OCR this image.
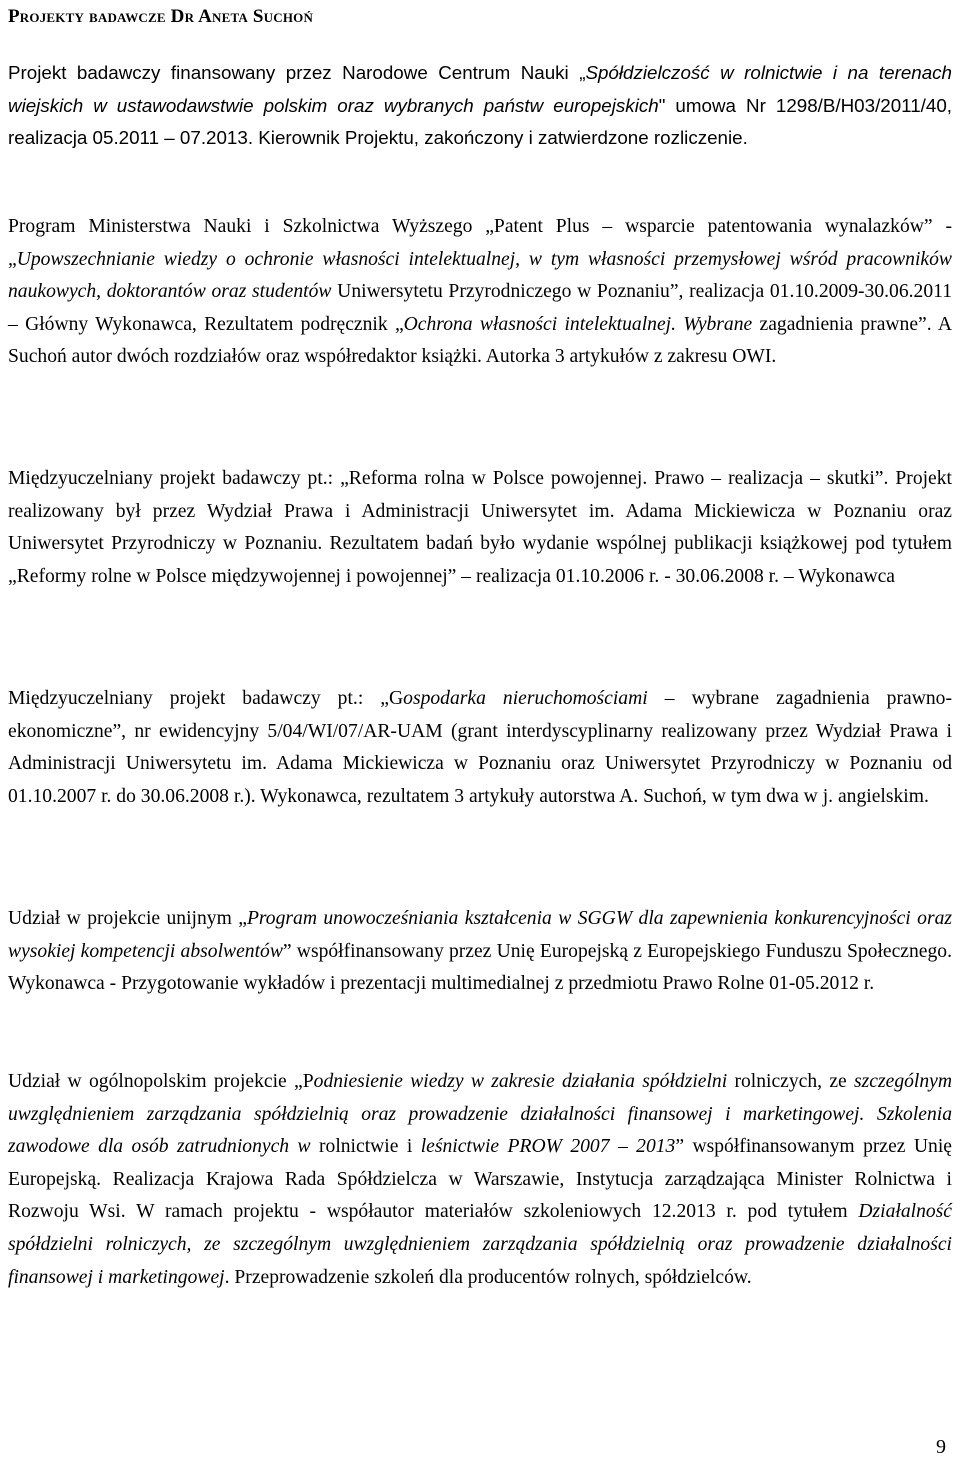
Projekty badawcze Dr Aneta Suchoń

Projekt badawczy finansowany przez Narodowe Centrum Nauki „Spółdzielczość w rolnictwie i na terenach wiejskich w ustawodawstwie polskim oraz wybranych państw europejskich" umowa Nr 1298/B/H03/2011/40, realizacja 05.2011 – 07.2013. Kierownik Projektu, zakończony i zatwierdzone rozliczenie.

Program Ministerstwa Nauki i Szkolnictwa Wyższego „Patent Plus – wsparcie patentowania wynalazków” - „Upowszechnianie wiedzy o ochronie własności intelektualnej, w tym własności przemysłowej wśród pracowników naukowych, doktorantów oraz studentów Uniwersytetu Przyrodniczego w Poznaniu”, realizacja 01.10.2009-30.06.2011 – Główny Wykonawca, Rezultatem podręcznik „Ochrona własności intelektualnej. Wybrane zagadnienia prawne”. A Suchoń autor dwóch rozdziałów oraz współredaktor książki. Autorka 3 artykułów z zakresu OWI.

Międzyuczelniany projekt badawczy pt.: „Reforma rolna w Polsce powojennej. Prawo – realizacja – skutki”. Projekt realizowany był przez Wydział Prawa i Administracji Uniwersytet im. Adama Mickiewicza w Poznaniu oraz Uniwersytet Przyrodniczy w Poznaniu. Rezultatem badań było wydanie wspólnej publikacji książkowej pod tytułem „Reformy rolne w Polsce międzywojennej i powojennej” – realizacja 01.10.2006 r. - 30.06.2008 r. – Wykonawca

Międzyuczelniany projekt badawczy pt.: „Gospodarka nieruchomościami – wybrane zagadnienia prawno-ekonomiczne”, nr ewidencyjny 5/04/WI/07/AR-UAM (grant interdyscyplinarny realizowany przez Wydział Prawa i Administracji Uniwersytetu im. Adama Mickiewicza w Poznaniu oraz Uniwersytet Przyrodniczy w Poznaniu od 01.10.2007 r. do 30.06.2008 r.). Wykonawca, rezultatem 3 artykuły autorstwa A. Suchoń, w tym dwa w j. angielskim.

Udział w projekcie unijnym „Program unowocześniania kształcenia w SGGW dla zapewnienia konkurencyjności oraz wysokiej kompetencji absolwentów” współfinansowany przez Unię Europejską z Europejskiego Funduszu Społecznego. Wykonawca - Przygotowanie wykładów i prezentacji multimedialnej z przedmiotu Prawo Rolne 01-05.2012 r.

Udział w ogólnopolskim projekcie „Podniesienie wiedzy w zakresie działania spółdzielni rolniczych, ze szczególnym uwzględnieniem zarządzania spółdzielnią oraz prowadzenie działalności finansowej i marketingowej. Szkolenia zawodowe dla osób zatrudnionych w rolnictwie i leśnictwie PROW 2007 – 2013” współfinansowanym przez Unię Europejską. Realizacja Krajowa Rada Spółdzielcza w Warszawie, Instytucja zarządzająca Minister Rolnictwa i Rozwoju Wsi. W ramach projektu - współautor materiałów szkoleniowych 12.2013 r. pod tytułem Działalność spółdzielni rolniczych, ze szczególnym uwzględnieniem zarządzania spółdzielnią oraz prowadzenie działalności finansowej i marketingowej. Przeprowadzenie szkoleń dla producentów rolnych, spółdzielców.

9
